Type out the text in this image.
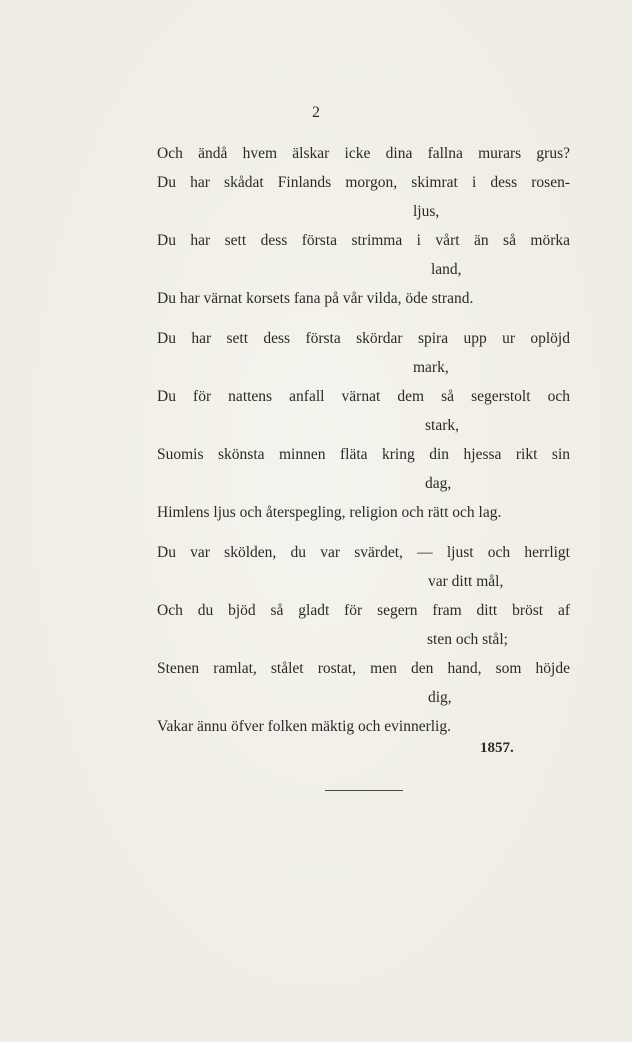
2
Och ändå hvem älskar icke dina fallna murars grus?
Du har skådat Finlands morgon, skimrat i dess rosen-
ljus,
Du har sett dess första strimma i vårt än så mörka
land,
Du har värnat korsets fana på vår vilda, öde strand.
Du har sett dess första skördar spira upp ur oplöjd
mark,
Du för nattens anfall värnat dem så segerstolt och
stark,
Suomis skönsta minnen fläta kring din hjessa rikt sin
dag,
Himlens ljus och återspegling, religion och rätt och lag.
Du var skölden, du var svärdet, — ljust och herrligt
var ditt mål,
Och du bjöd så gladt för segern fram ditt bröst af
sten och stål;
Stenen ramlat, stålet rostat, men den hand, som höjde
dig,
Vakar ännu öfver folken mäktig och evinnerlig.
1857.
